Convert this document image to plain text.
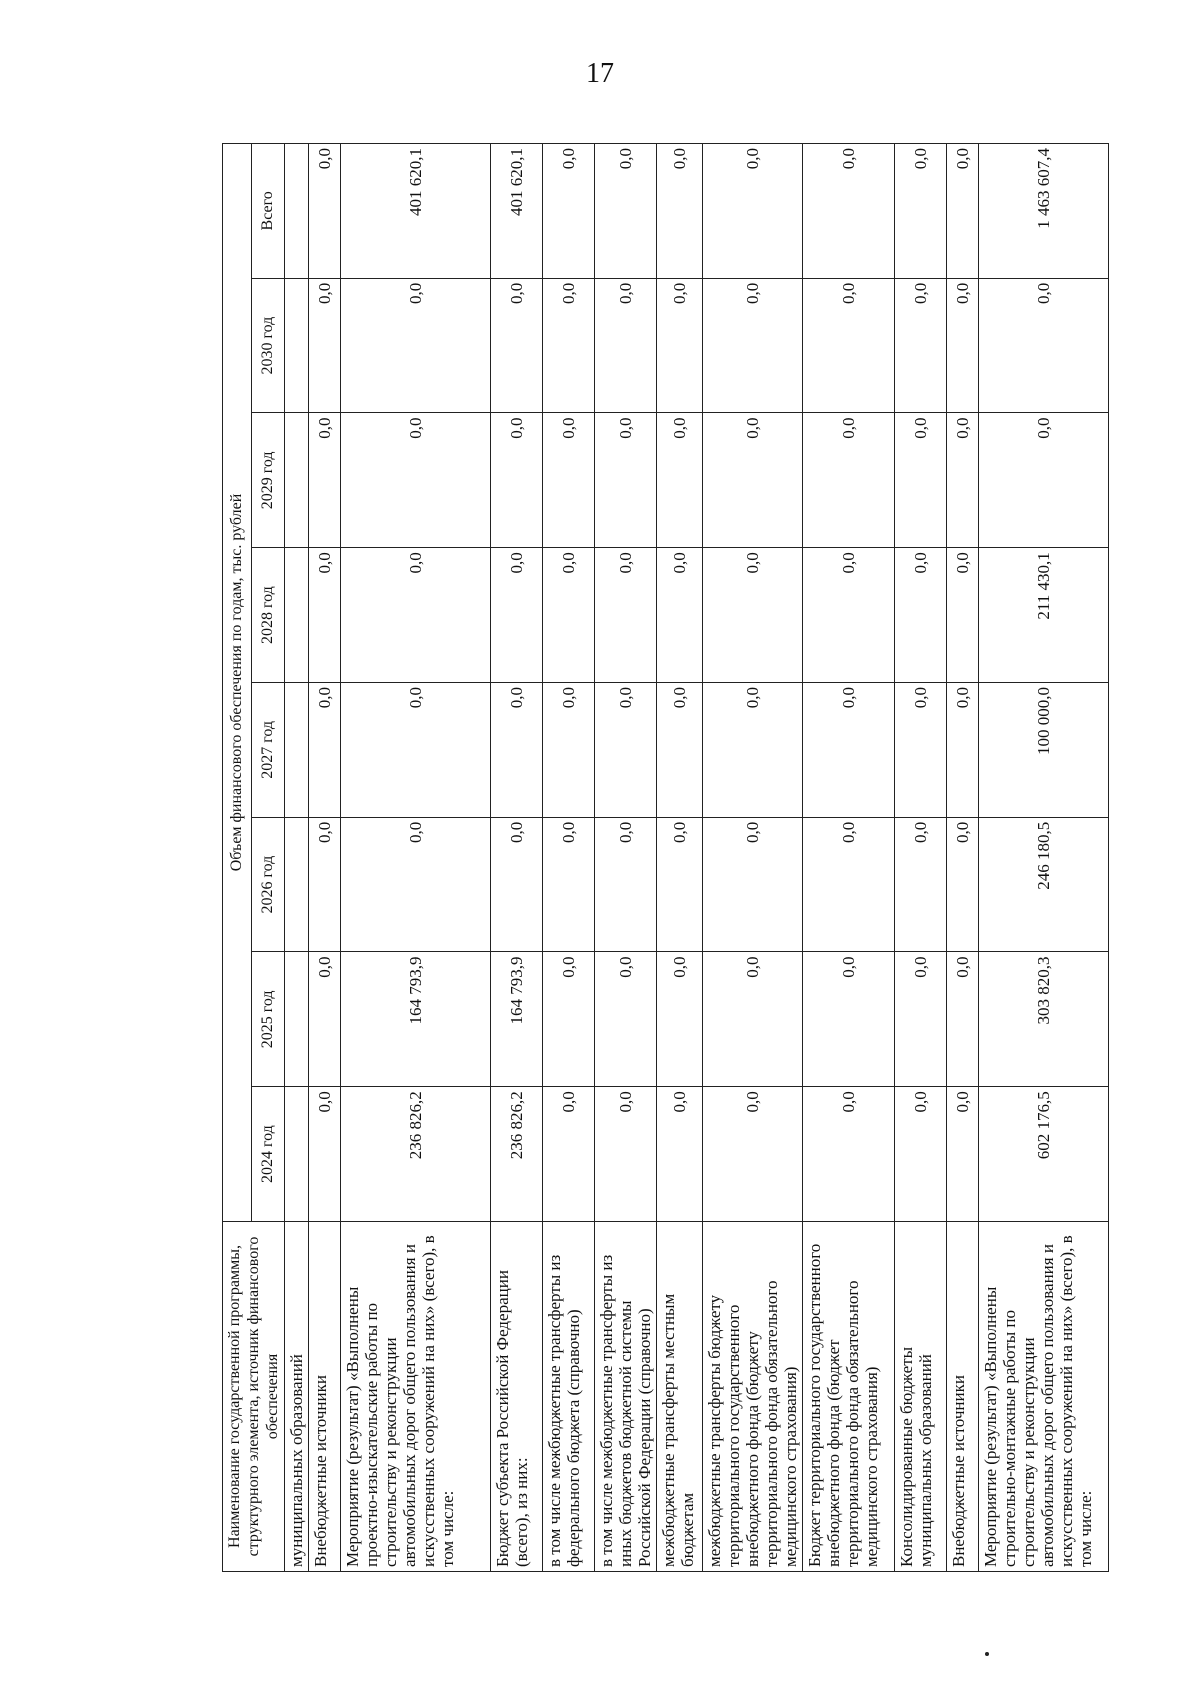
17
Наименование государственной программы, структурного элемента, источник финансового обеспечения	Объем финансового обеспечения по годам, тыс. рублей							
	2024 год	2025 год	2026 год	2027 год	2028 год	2029 год	2030 год	Всего
муниципальных образований								
Внебюджетные источники	0,0	0,0	0,0	0,0	0,0	0,0	0,0	0,0
Мероприятие (результат) «Выполнены проектно-изыскательские работы по строительству и реконструкции автомобильных дорог общего пользования и искусственных сооружений на них» (всего), в том числе:	236 826,2	164 793,9	0,0	0,0	0,0	0,0	0,0	401 620,1
Бюджет субъекта Российской Федерации (всего), из них:	236 826,2	164 793,9	0,0	0,0	0,0	0,0	0,0	401 620,1
в том числе межбюджетные трансферты из федерального бюджета (справочно)	0,0	0,0	0,0	0,0	0,0	0,0	0,0	0,0
в том числе межбюджетные трансферты из иных бюджетов бюджетной системы Российской Федерации (справочно)	0,0	0,0	0,0	0,0	0,0	0,0	0,0	0,0
межбюджетные трансферты местным бюджетам	0,0	0,0	0,0	0,0	0,0	0,0	0,0	0,0
межбюджетные трансферты бюджету территориального государственного внебюджетного фонда (бюджету территориального фонда обязательного медицинского страхования)	0,0	0,0	0,0	0,0	0,0	0,0	0,0	0,0
Бюджет территориального государственного внебюджетного фонда (бюджет территориального фонда обязательного медицинского страхования)	0,0	0,0	0,0	0,0	0,0	0,0	0,0	0,0
Консолидированные бюджеты муниципальных образований	0,0	0,0	0,0	0,0	0,0	0,0	0,0	0,0
Внебюджетные источники	0,0	0,0	0,0	0,0	0,0	0,0	0,0	0,0
Мероприятие (результат) «Выполнены строительно-монтажные работы по строительству и реконструкции автомобильных дорог общего пользования и искусственных сооружений на них» (всего), в том числе:	602 176,5	303 820,3	246 180,5	100 000,0	211 430,1	0,0	0,0	1 463 607,4
